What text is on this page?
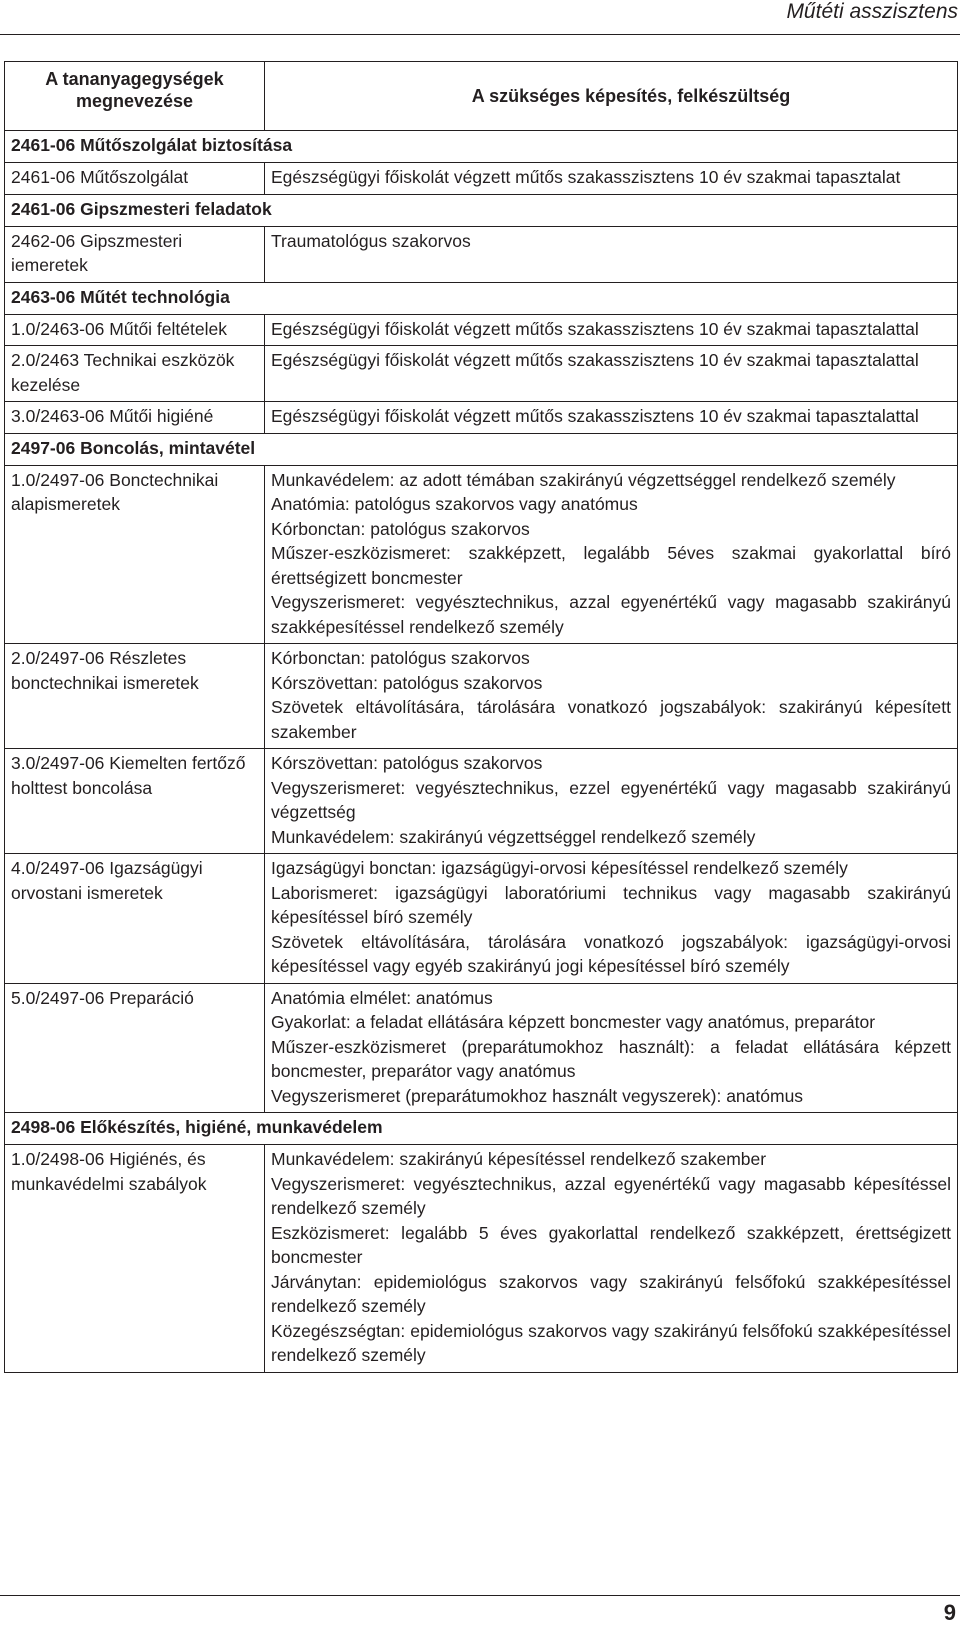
Műtéti asszisztens
A tananyagegységek megnevezése	A szükséges képesítés, felkészültség
2461-06 Műtőszolgálat biztosítása	
2461-06 Műtőszolgálat	Egészségügyi főiskolát végzett műtős szakasszisztens 10 év szakmai tapasztalat

2461-06 Gipszmesteri feladatok	
2462-06 Gipszmesteri iemeretek	Traumatológus szakorvos

2463-06 Műtét technológia	
1.0/2463-06 Műtői feltételek	Egészségügyi főiskolát végzett műtős szakasszisztens 10 év szakmai tapasztalattal

2.0/2463 Technikai eszközök kezelése	Egészségügyi főiskolát végzett műtős szakasszisztens 10 év szakmai tapasztalattal

3.0/2463-06 Műtői higiéné	Egészségügyi főiskolát végzett műtős szakasszisztens 10 év szakmai tapasztalattal

2497-06 Boncolás, mintavétel	
1.0/2497-06 Bonctechnikai alapismeretek	Munkavédelem: az adott témában szakirányú végzettséggel rendelkező személy
Anatómia: patológus szakorvos vagy anatómus
Kórbonctan: patológus szakorvos
Műszer-eszközismeret: szakképzett, legalább 5éves szakmai gyakorlattal bíró érettségizett boncmester
Vegyszerismeret: vegyésztechnikus, azzal egyenértékű vagy magasabb szakirányú szakképesítéssel rendelkező személy

2.0/2497-06 Részletes bonctechnikai ismeretek	Kórbonctan: patológus szakorvos
Kórszövettan: patológus szakorvos
Szövetek eltávolítására, tárolására vonatkozó jogszabályok: szakirányú képesített szakember

3.0/2497-06 Kiemelten fertőző holttest boncolása	Kórszövettan: patológus szakorvos
Vegyszerismeret: vegyésztechnikus, ezzel egyenértékű vagy magasabb szakirányú végzettség
Munkavédelem: szakirányú végzettséggel rendelkező személy

4.0/2497-06 Igazságügyi orvostani ismeretek	Igazságügyi bonctan: igazságügyi-orvosi képesítéssel rendelkező személy
Laborismeret: igazságügyi laboratóriumi technikus vagy magasabb szakirányú képesítéssel bíró személy
Szövetek eltávolítására, tárolására vonatkozó jogszabályok: igazságügyi-orvosi képesítéssel vagy egyéb szakirányú jogi képesítéssel bíró személy

5.0/2497-06 Preparáció	Anatómia elmélet: anatómus
Gyakorlat: a feladat ellátására képzett boncmester vagy anatómus, preparátor
Műszer-eszközismeret (preparátumokhoz használt): a feladat ellátására képzett boncmester, preparátor vagy anatómus
Vegyszerismeret (preparátumokhoz használt vegyszerek): anatómus

2498-06 Előkészítés, higiéné, munkavédelem	
1.0/2498-06 Higiénés, és munkavédelmi szabályok	Munkavédelem: szakirányú képesítéssel rendelkező szakember
Vegyszerismeret: vegyésztechnikus, azzal egyenértékű vagy magasabb képesítéssel rendelkező személy
Eszközismeret: legalább 5 éves gyakorlattal rendelkező szakképzett, érettségizett boncmester
Járványtan: epidemiológus szakorvos vagy szakirányú felsőfokú szakképesítéssel rendelkező személy
Közegészségtan: epidemiológus szakorvos vagy szakirányú felsőfokú szakképesítéssel rendelkező személy
9
